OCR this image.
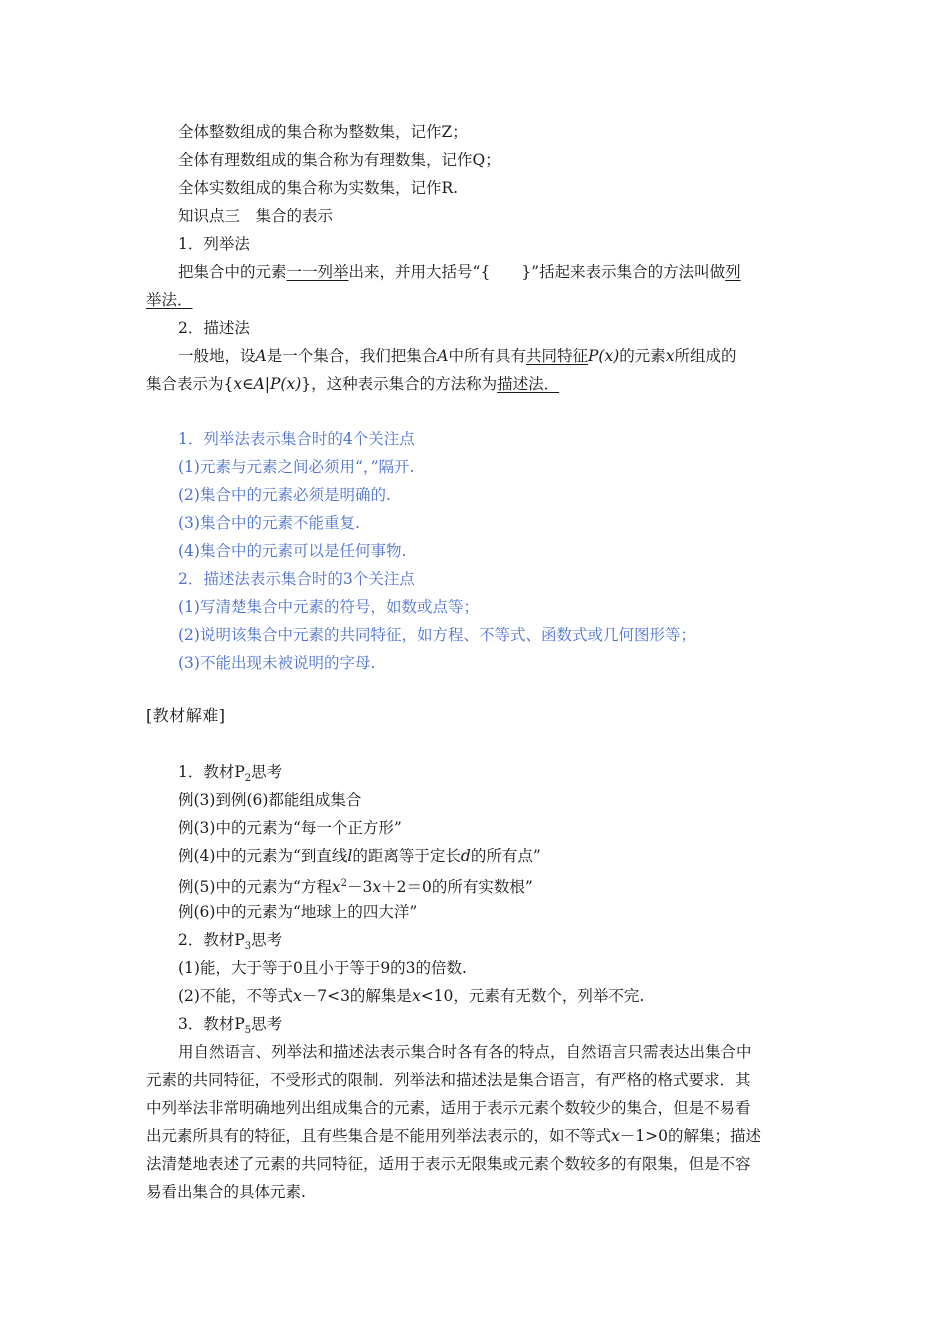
全体整数组成的集合称为整数集，记作Z；
全体有理数组成的集合称为有理数集，记作Q；
全体实数组成的集合称为实数集，记作R.
知识点三　集合的表示
1．列举法
把集合中的元素一一列举出来，并用大括号“{　　}”括起来表示集合的方法叫做列
举法．
2．描述法
一般地，设A是一个集合，我们把集合A中所有具有共同特征P(x)的元素x所组成的
集合表示为{x∈A|P(x)}，这种表示集合的方法称为描述法．
1．列举法表示集合时的4个关注点
(1)元素与元素之间必须用“，”隔开.
(2)集合中的元素必须是明确的.
(3)集合中的元素不能重复.
(4)集合中的元素可以是任何事物.
2．描述法表示集合时的3个关注点
(1)写清楚集合中元素的符号，如数或点等；
(2)说明该集合中元素的共同特征，如方程、不等式、函数式或几何图形等；
(3)不能出现未被说明的字母.
[教材解难]
1．教材$P_2$思考
例(3)到例(6)都能组成集合
例(3)中的元素为“每一个正方形”
例(4)中的元素为“到直线l的距离等于定长d的所有点”
例(5)中的元素为“方程$x^2-3x+2=0$的所有实数根”
例(6)中的元素为“地球上的四大洋”
2．教材$P_3$思考
(1)能，大于等于0且小于等于9的3的倍数.
(2)不能，不等式x－7<3的解集是x<10，元素有无数个，列举不完.
3．教材$P_5$思考
用自然语言、列举法和描述法表示集合时各有各的特点，自然语言只需表达出集合中
元素的共同特征，不受形式的限制．列举法和描述法是集合语言，有严格的格式要求．其
中列举法非常明确地列出组成集合的元素，适用于表示元素个数较少的集合，但是不易看
出元素所具有的特征，且有些集合是不能用列举法表示的，如不等式x－1>0的解集；描述
法清楚地表述了元素的共同特征，适用于表示无限集或元素个数较多的有限集，但是不容
易看出集合的具体元素.
